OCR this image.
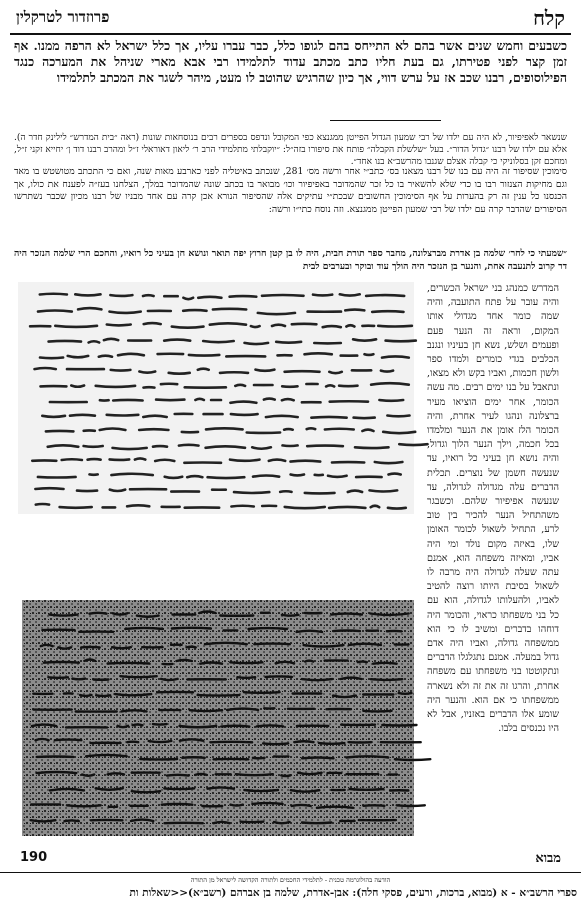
קלח
פרוזדור לטרקלין
כשבעים וחמש שנים אשר בהם לא התייחס בהם לגופו כלל, כבר עברו עליו, אך כלל ישראל לא הרפה ממנו. אף זמן קצר לפני פטירתו, גם בעת חליו כתב מכתב עדוד לתלמידו רבי אבא מארי שניהל את המערכה כנגד הפילוסופים, רבנו שכב אז על ערש דווי, אך כיון שהרגיש שהוטב לו מעט, מיהר לשגר את המכתב לתלמידו
שנשאר לאפיפיור, לא היה עם ילדו של רבי שמעון הגדול הפייטן ממגנצא כפי המקובל ונדפס בספרים רבים בנוסחאות שונות (ראה ״בית המדרש״ לילינק חדר ה). אלא עם ילדו של רבנו ״גדול הדור״. בעל ״שלשלת הקבלה״ פותח את סיפורו בזה״ל: ״יוקבלתי מתלמידי הרב ר׳ ליאון דאוראלי ז״ל ומהרב רבנו דוד ן׳ יחייא זקני ז״ל, ומחכם זקן בסלוניקי כי קבלה אצלם שגנבו מהרשב״א בנו אחד״.
סימוכין שסיפור זה היה עם בנו של רבנו מצאנו בס׳ כתב״י אחר ורשה מס׳ 281, שנכתב באיטליה לפני כארבע מאות שנה, ואם כי התכתב מטושטש בו מאד וגם מחיקות הצנזור רבו בו כדי שלא להשאיר בו כל זכר שהמדובר באפיפיור וכו׳ מבואר בו בכתב שונה שהמדובר במלך, הצלחנו בעז״ה לפענח את כולו, אך הכנסנו כל ענין זה רק בהערות על אף הסימוכין החשובים שבכת״י עתיקים אלה שהסיפור הנורא אכן קרה עם אחד מבניו של רבנו מכיון שכבר נשתרשו הסיפורים שהדבר קרה עם ילדו של רבי שמעון הפייטן ממגנצא. וזה נוסח כתי״ו ורשה:
״שמעתי כי לחר׳ שלמה בן אדרת מברצלונה, מחבר ספר תורת חבית, היה לו בן קטן חרוץ יפה תואר ונושא חן בעיני כל רואיו, והחכם הרי שלמה הנזכר היה דר קרוב לתנעבה אחת, והנער בן הנזכר היה הולך עוד ובוקר ובערבים לבית
המדרש כמנהג בני ישראל הכשרים, והיה עובר על פתח התועבה, והיה שמה כומר אחד מגדולי אותו המקום, וראה זה הנער פעם ופעמים ושלש, נשא חן בעיניו ונגנב הכלבים בגדי כומרים ולמדו ספר ולשון חכמות, ואביו בקש ולא מצאו, ונתאבל על בנו ימים רבים. מה עשה הכומר, אחר ימים הוציאו מעיר ברצלונה ונהגו לעיר אחרת, והיה הכומר הלז אומן את הנער ומלמדו בכל חכמה, וילך הנער הלוך וגדול, והיה נושא חן בעיני כל רואיו, עד שנעשה חשמן של נוצרים. תכלית הדברים עלה מגדולה לגדולה, עד שנעשה אפיפיור שלהם. וכשבגר משהתחיל הנער להכיר בין טוב לרע, התחיל לשאול לכומר האומן שלו, באיזה מקום נולד ומי היה אביו, ומאיזה משפחה הוא, אמנם עתה שעלה לגדולה היה מרבה לו לשאול בסיבת היותו רוצה להטיב לאביו, ולהעלותו לגדולה, הוא עם כל בני משפחתו כראוי, והכומר היה דוחהו בדברים ומשיב לו כי הוא ממשפחה גדולה, ואביו היה אדם גדול במעלה. אמנם נתגלגלו הדברים ונתקוטטו בני משפחתו עם משפחה אחרת, והרגו זה את זה ולא נשארה ממשפחתו כי אם הוא. והנער היה שומע אלו הדברים באזניו, אבל לא היו נכנסים בלבו.
190	מבוא
הודעה בהולוגרמה טכנית - לתלמידי החכמים ולתורה הקדושה לישראל מן התורה
ספרי הרשב״א - א (מבוא, ברכות, ורעים, פסקי חלה): אבן-אדרת, שלמה בן אברהם (רשב״א)<<שאלות ות
